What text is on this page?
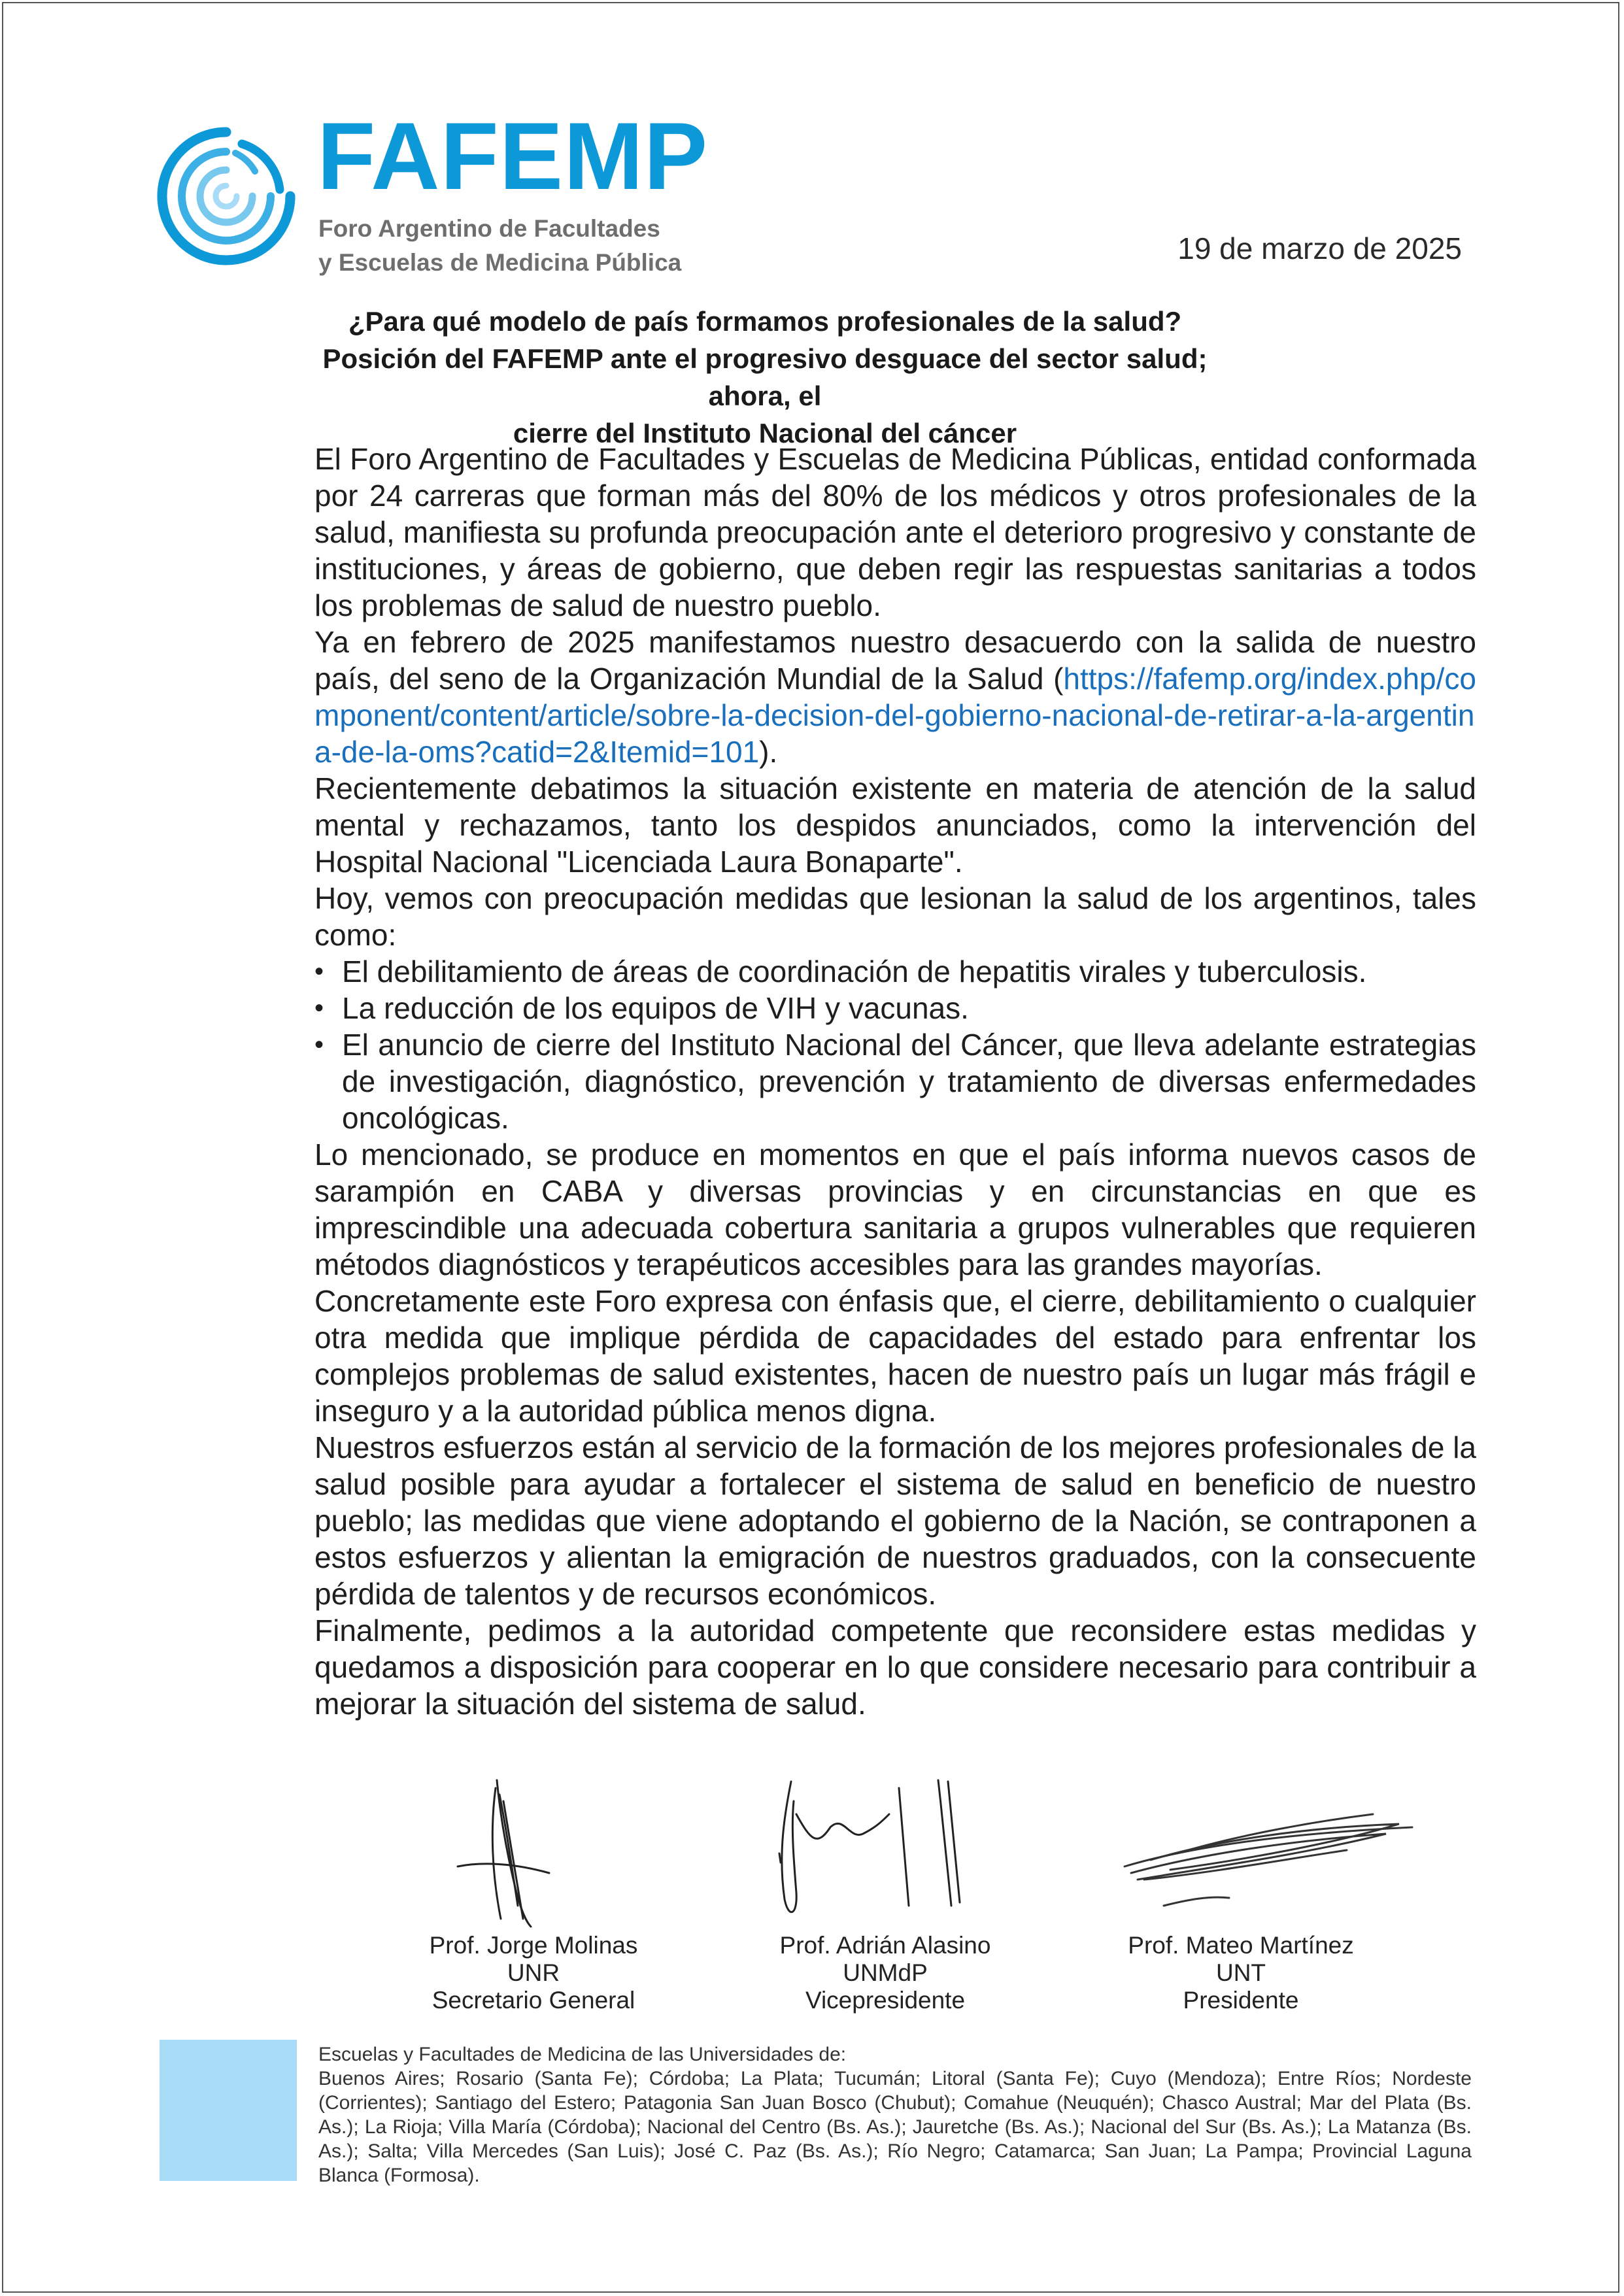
FAFEMP
Foro Argentino de Facultades
y Escuelas de Medicina Pública	19 de marzo de 2025
¿Para qué modelo de país formamos profesionales de la salud?
Posición del FAFEMP ante el progresivo desguace del sector salud; ahora, el
cierre del Instituto Nacional del cáncer

El Foro Argentino de Facultades y Escuelas de Medicina Públicas, entidad conformada por 24 carreras que forman más del 80% de los médicos y otros profesionales de la salud, manifiesta su profunda preocupación ante el deterioro progresivo y constante de instituciones, y áreas de gobierno, que deben regir las respuestas sanitarias a todos los problemas de salud de nuestro pueblo.

Ya en febrero de 2025 manifestamos nuestro desacuerdo con la salida de nuestro país, del seno de la Organización Mundial de la Salud (https://fafemp.org/index.php/component/content/article/sobre-la-decision-del-gobierno-nacional-de-retirar-a-la-argentina-de-la-oms?catid=2&Itemid=101).

Recientemente debatimos la situación existente en materia de atención de la salud mental y rechazamos, tanto los despidos anunciados, como la intervención del Hospital Nacional "Licenciada Laura Bonaparte".

Hoy, vemos con preocupación medidas que lesionan la salud de los argentinos, tales como:

• El debilitamiento de áreas de coordinación de hepatitis virales y tuberculosis.
• La reducción de los equipos de VIH y vacunas.
• El anuncio de cierre del Instituto Nacional del Cáncer, que lleva adelante estrategias de investigación, diagnóstico, prevención y tratamiento de diversas enfermedades oncológicas.

Lo mencionado, se produce en momentos en que el país informa nuevos casos de sarampión en CABA y diversas provincias y en circunstancias en que es imprescindible una adecuada cobertura sanitaria a grupos vulnerables que requieren métodos diagnósticos y terapéuticos accesibles para las grandes mayorías.

Concretamente este Foro expresa con énfasis que, el cierre, debilitamiento o cualquier otra medida que implique pérdida de capacidades del estado para enfrentar los complejos problemas de salud existentes, hacen de nuestro país un lugar más frágil e inseguro y a la autoridad pública menos digna.

Nuestros esfuerzos están al servicio de la formación de los mejores profesionales de la salud posible para ayudar a fortalecer el sistema de salud en beneficio de nuestro pueblo; las medidas que viene adoptando el gobierno de la Nación, se contraponen a estos esfuerzos y alientan la emigración de nuestros graduados, con la consecuente pérdida de talentos y de recursos económicos.

Finalmente, pedimos a la autoridad competente que reconsidere estas medidas y quedamos a disposición para cooperar en lo que considere necesario para contribuir a mejorar la situación del sistema de salud.

Prof. Jorge Molinas
UNR
Secretario General
Prof. Adrián Alasino
UNMdP
Vicepresidente
Prof. Mateo Martínez
UNT
Presidente

Escuelas y Facultades de Medicina de las Universidades de:

Buenos Aires; Rosario (Santa Fe); Córdoba; La Plata; Tucumán; Litoral (Santa Fe); Cuyo (Mendoza); Entre Ríos; Nordeste (Corrientes); Santiago del Estero; Patagonia San Juan Bosco (Chubut); Comahue (Neuquén); Chasco Austral; Mar del Plata (Bs. As.); La Rioja; Villa María (Córdoba); Nacional del Centro (Bs. As.); Jauretche (Bs. As.); Nacional del Sur (Bs. As.); La Matanza (Bs. As.); Salta; Villa Mercedes (San Luis); José C. Paz (Bs. As.); Río Negro; Catamarca; San Juan; La Pampa; Provincial Laguna Blanca (Formosa).
